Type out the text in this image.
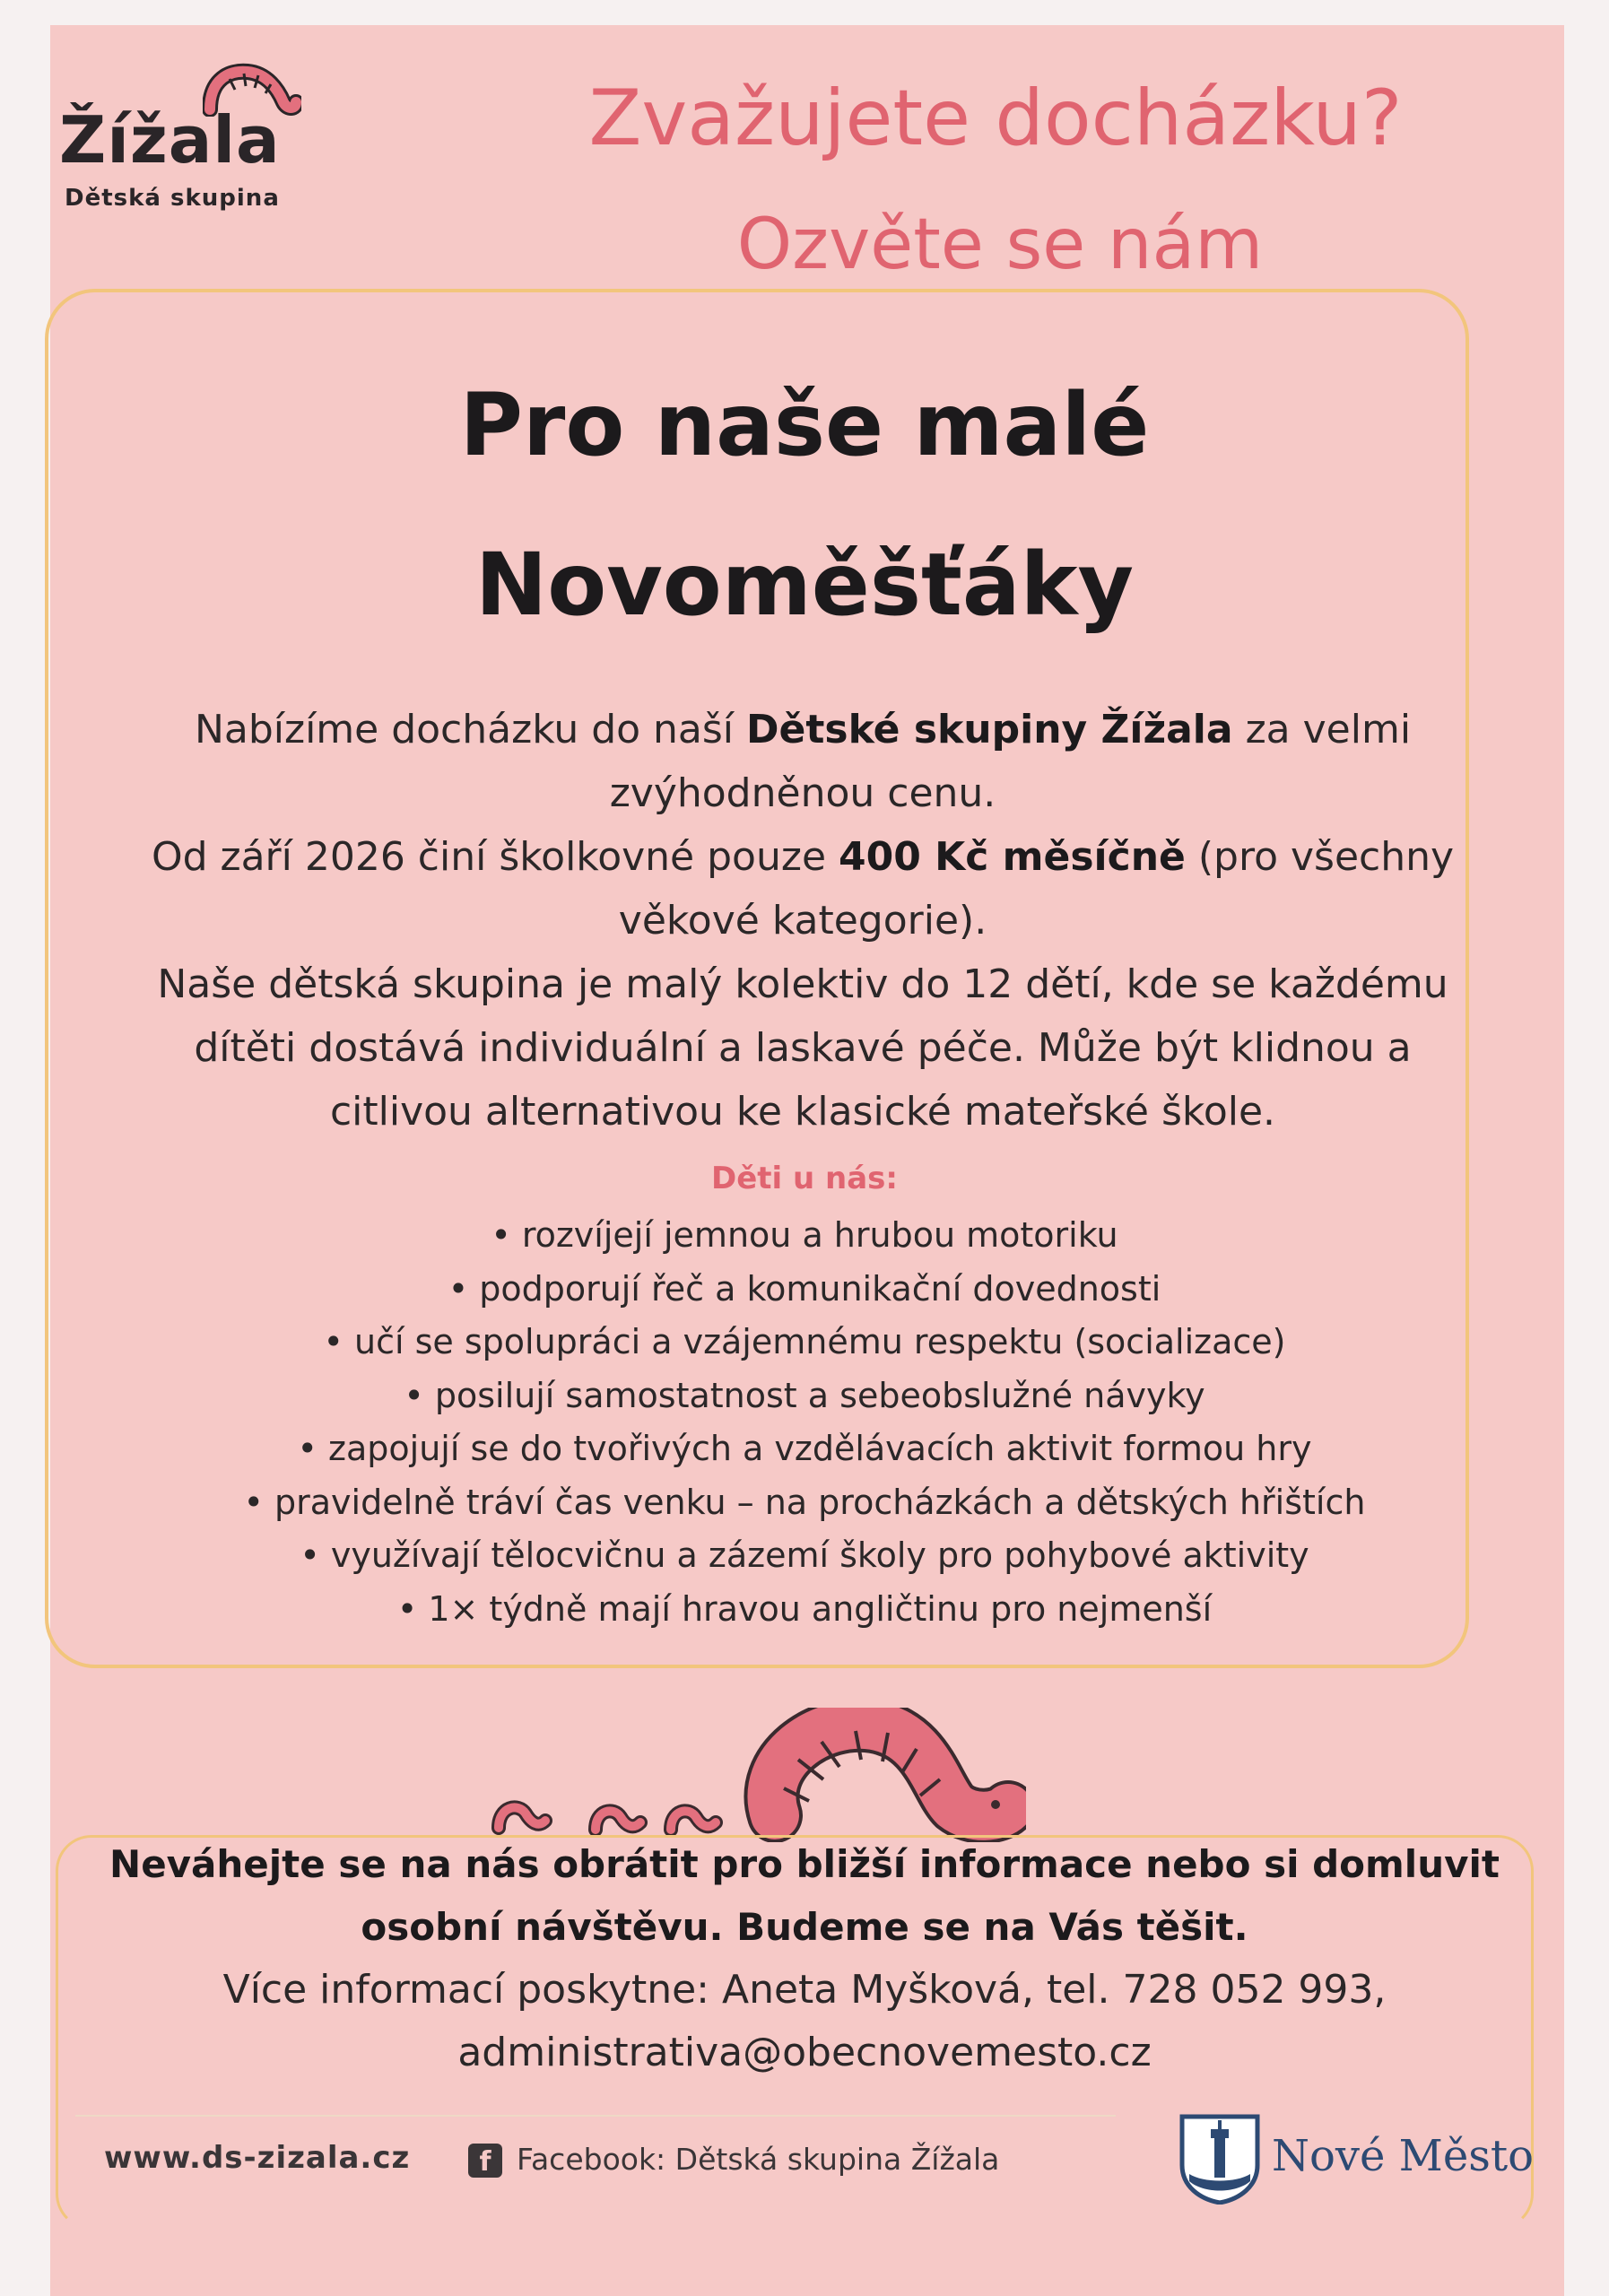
Žížala
Dětská skupina
Zvažujete docházku?
Ozvěte se nám
Pro naše malé
Novoměšťáky
Nabízíme docházku do naší Dětské skupiny Žížala za velmi zvýhodněnou cenu.
Od září 2026 činí školkovné pouze 400 Kč měsíčně (pro všechny věkové kategorie).
Naše dětská skupina je malý kolektiv do 12 dětí, kde se každému dítěti dostává individuální a laskavé péče. Může být klidnou a citlivou alternativou ke klasické mateřské škole.
Děti u nás:
• rozvíjejí jemnou a hrubou motoriku
• podporují řeč a komunikační dovednosti
• učí se spolupráci a vzájemnému respektu (socializace)
• posilují samostatnost a sebeobslužné návyky
• zapojují se do tvořivých a vzdělávacích aktivit formou hry
• pravidelně tráví čas venku – na procházkách a dětských hřištích
• využívají tělocvičnu a zázemí školy pro pohybové aktivity
• 1× týdně mají hravou angličtinu pro nejmenší
Neváhejte se na nás obrátit pro bližší informace nebo si domluvit
osobní návštěvu. Budeme se na Vás těšit.
Více informací poskytne: Aneta Myšková, tel. 728 052 993,
administrativa@obecnovemesto.cz
www.ds-zizala.cz	f Facebook: Dětská skupina Žížala	Nové Město
